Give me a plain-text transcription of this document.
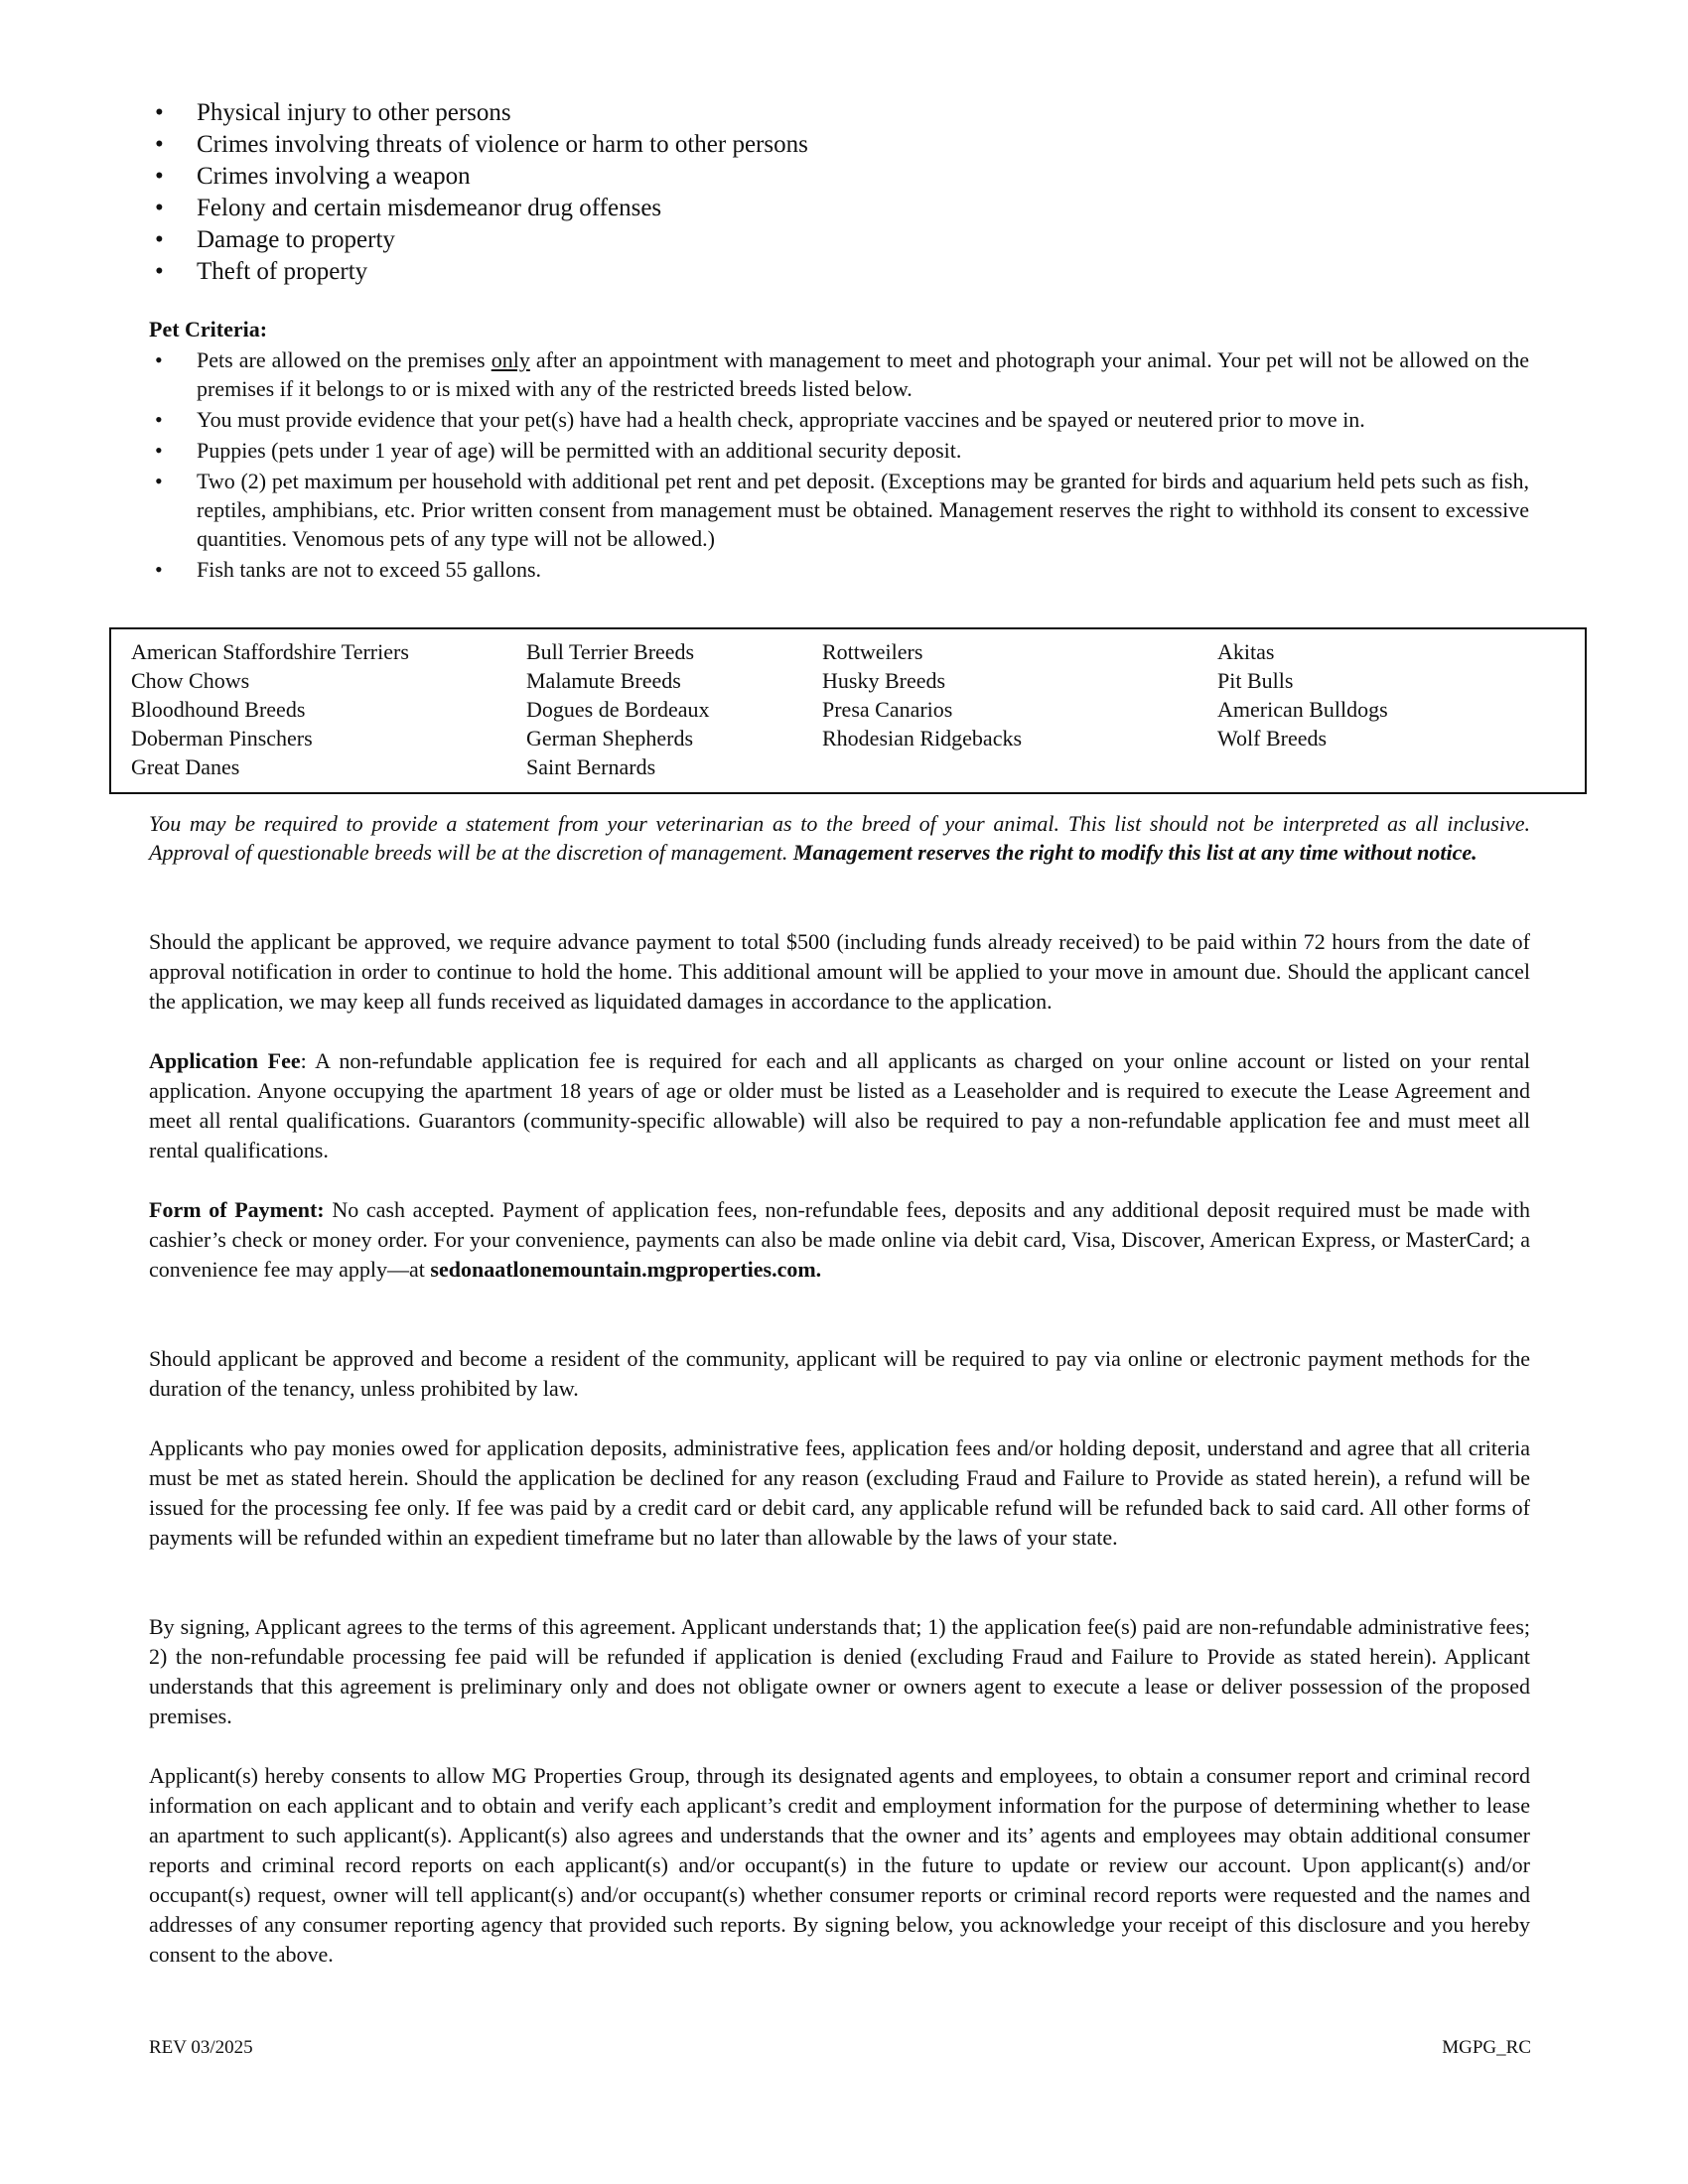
• Physical injury to other persons
• Crimes involving threats of violence or harm to other persons
• Crimes involving a weapon
• Felony and certain misdemeanor drug offenses
• Damage to property
• Theft of property
Pet Criteria:
• Pets are allowed on the premises only after an appointment with management to meet and photograph your animal. Your pet will not be allowed on the premises if it belongs to or is mixed with any of the restricted breeds listed below.
• You must provide evidence that your pet(s) have had a health check, appropriate vaccines and be spayed or neutered prior to move in.
• Puppies (pets under 1 year of age) will be permitted with an additional security deposit.
• Two (2) pet maximum per household with additional pet rent and pet deposit. (Exceptions may be granted for birds and aquarium held pets such as fish, reptiles, amphibians, etc. Prior written consent from management must be obtained. Management reserves the right to withhold its consent to excessive quantities. Venomous pets of any type will not be allowed.)
• Fish tanks are not to exceed 55 gallons.
American Staffordshire Terriers	Bull Terrier Breeds	Rottweilers	Akitas
Chow Chows	Malamute Breeds	Husky Breeds	Pit Bulls
Bloodhound Breeds	Dogues de Bordeaux	Presa Canarios	American Bulldogs
Doberman Pinschers	German Shepherds	Rhodesian Ridgebacks	Wolf Breeds
Great Danes	Saint Bernards

You may be required to provide a statement from your veterinarian as to the breed of your animal. This list should not be interpreted as all inclusive. Approval of questionable breeds will be at the discretion of management. Management reserves the right to modify this list at any time without notice.

Should the applicant be approved, we require advance payment to total $500 (including funds already received) to be paid within 72 hours from the date of approval notification in order to continue to hold the home. This additional amount will be applied to your move in amount due. Should the applicant cancel the application, we may keep all funds received as liquidated damages in accordance to the application.

Application Fee: A non-refundable application fee is required for each and all applicants as charged on your online account or listed on your rental application. Anyone occupying the apartment 18 years of age or older must be listed as a Leaseholder and is required to execute the Lease Agreement and meet all rental qualifications. Guarantors (community-specific allowable) will also be required to pay a non-refundable application fee and must meet all rental qualifications.

Form of Payment: No cash accepted. Payment of application fees, non-refundable fees, deposits and any additional deposit required must be made with cashier’s check or money order. For your convenience, payments can also be made online via debit card, Visa, Discover, American Express, or MasterCard; a convenience fee may apply—at sedonaatlonemountain.mgproperties.com.

Should applicant be approved and become a resident of the community, applicant will be required to pay via online or electronic payment methods for the duration of the tenancy, unless prohibited by law.

Applicants who pay monies owed for application deposits, administrative fees, application fees and/or holding deposit, understand and agree that all criteria must be met as stated herein. Should the application be declined for any reason (excluding Fraud and Failure to Provide as stated herein), a refund will be issued for the processing fee only. If fee was paid by a credit card or debit card, any applicable refund will be refunded back to said card. All other forms of payments will be refunded within an expedient timeframe but no later than allowable by the laws of your state.

By signing, Applicant agrees to the terms of this agreement. Applicant understands that; 1) the application fee(s) paid are non-refundable administrative fees; 2) the non-refundable processing fee paid will be refunded if application is denied (excluding Fraud and Failure to Provide as stated herein). Applicant understands that this agreement is preliminary only and does not obligate owner or owners agent to execute a lease or deliver possession of the proposed premises.

Applicant(s) hereby consents to allow MG Properties Group, through its designated agents and employees, to obtain a consumer report and criminal record information on each applicant and to obtain and verify each applicant’s credit and employment information for the purpose of determining whether to lease an apartment to such applicant(s). Applicant(s) also agrees and understands that the owner and its’ agents and employees may obtain additional consumer reports and criminal record reports on each applicant(s) and/or occupant(s) in the future to update or review our account. Upon applicant(s) and/or occupant(s) request, owner will tell applicant(s) and/or occupant(s) whether consumer reports or criminal record reports were requested and the names and addresses of any consumer reporting agency that provided such reports. By signing below, you acknowledge your receipt of this disclosure and you hereby consent to the above.

REV 03/2025	MGPG_RC
